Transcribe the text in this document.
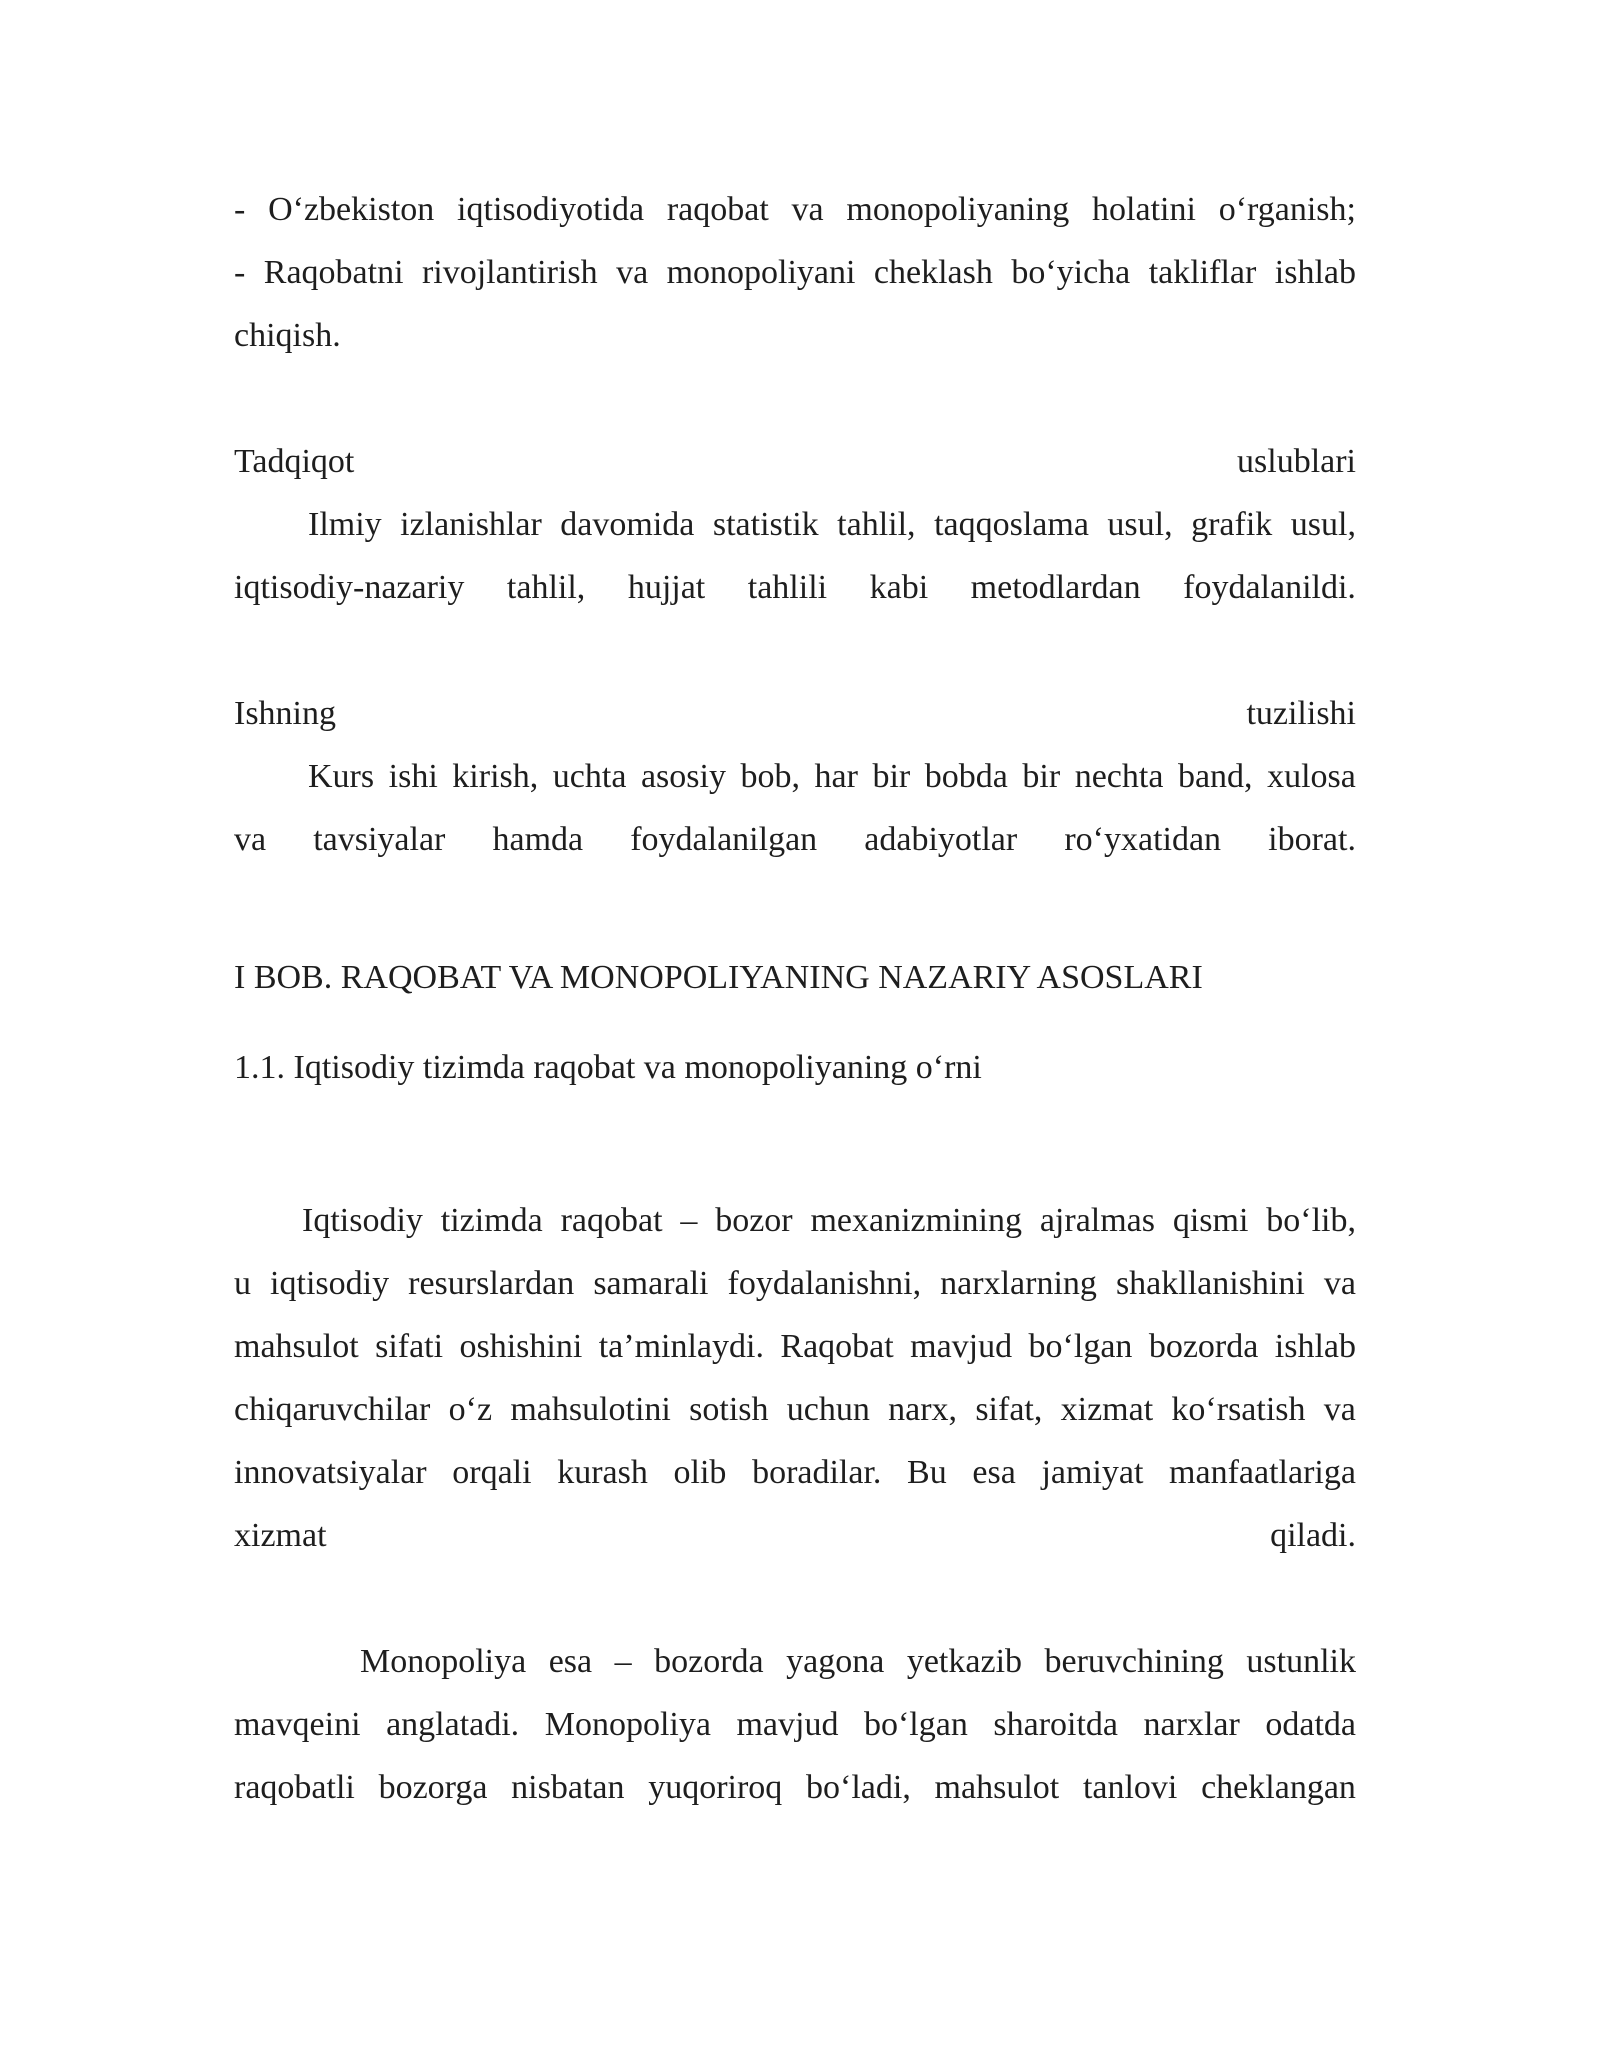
- O‘zbekiston iqtisodiyotida raqobat va monopoliyaning holatini o‘rganish;
- Raqobatni rivojlantirish va monopoliyani cheklash bo‘yicha takliflar ishlab
chiqish.
Tadqiqot	uslublari
Ilmiy izlanishlar davomida statistik tahlil, taqqoslama usul, grafik usul,
iqtisodiy-nazariy tahlil, hujjat tahlili kabi metodlardan foydalanildi.
Ishning	tuzilishi
Kurs ishi kirish, uchta asosiy bob, har bir bobda bir nechta band, xulosa
va tavsiyalar hamda foydalanilgan adabiyotlar ro‘yxatidan iborat.

I BOB. RAQOBAT VA MONOPOLIYANING NAZARIY ASOSLARI

1.1. Iqtisodiy tizimda raqobat va monopoliyaning o‘rni

Iqtisodiy tizimda raqobat – bozor mexanizmining ajralmas qismi bo‘lib,
u iqtisodiy resurslardan samarali foydalanishni, narxlarning shakllanishini va
mahsulot sifati oshishini ta’minlaydi. Raqobat mavjud bo‘lgan bozorda ishlab
chiqaruvchilar o‘z mahsulotini sotish uchun narx, sifat, xizmat ko‘rsatish va
innovatsiyalar orqali kurash olib boradilar. Bu esa jamiyat manfaatlariga
xizmat	qiladi.
Monopoliya esa – bozorda yagona yetkazib beruvchining ustunlik
mavqeini anglatadi. Monopoliya mavjud bo‘lgan sharoitda narxlar odatda
raqobatli bozorga nisbatan yuqoriroq bo‘ladi, mahsulot tanlovi cheklangan
